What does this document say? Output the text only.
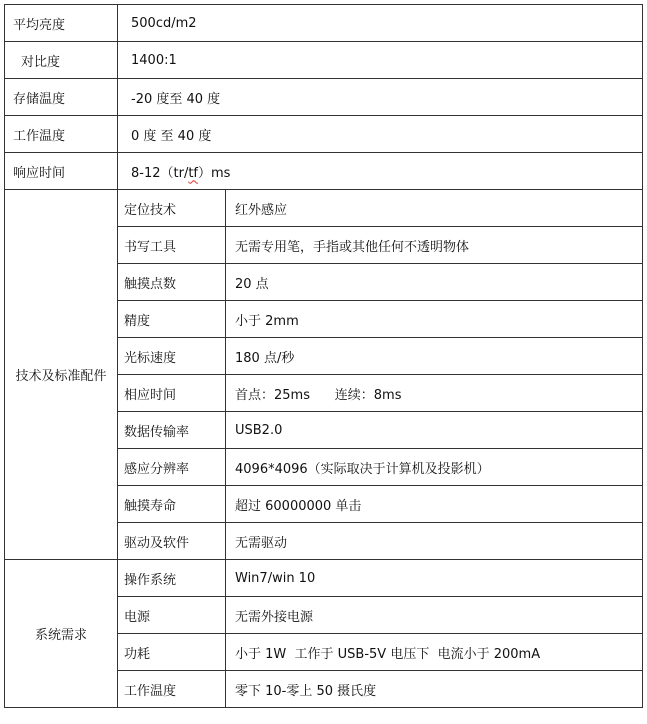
平均亮度	500cd/m2	
对比度	1400:1	
存储温度	-20 度至 40 度	
工作温度	0 度 至 40 度	
响应时间	8-12（tr/tf）ms	
技术及标准配件	定位技术	红外感应
	书写工具	无需专用笔，手指或其他任何不透明物体
	触摸点数	20 点
	精度	小于 2mm
	光标速度	180 点/秒
	相应时间	首点：25ms      连续：8ms
	数据传输率	USB2.0
	感应分辨率	4096*4096（实际取决于计算机及投影机）
	触摸寿命	超过 60000000 单击
	驱动及软件	无需驱动
系统需求	操作系统	Win7/win 10
	电源	无需外接电源
	功耗	小于 1W  工作于 USB-5V 电压下  电流小于 200mA
	工作温度	零下 10-零上 50 摄氏度
